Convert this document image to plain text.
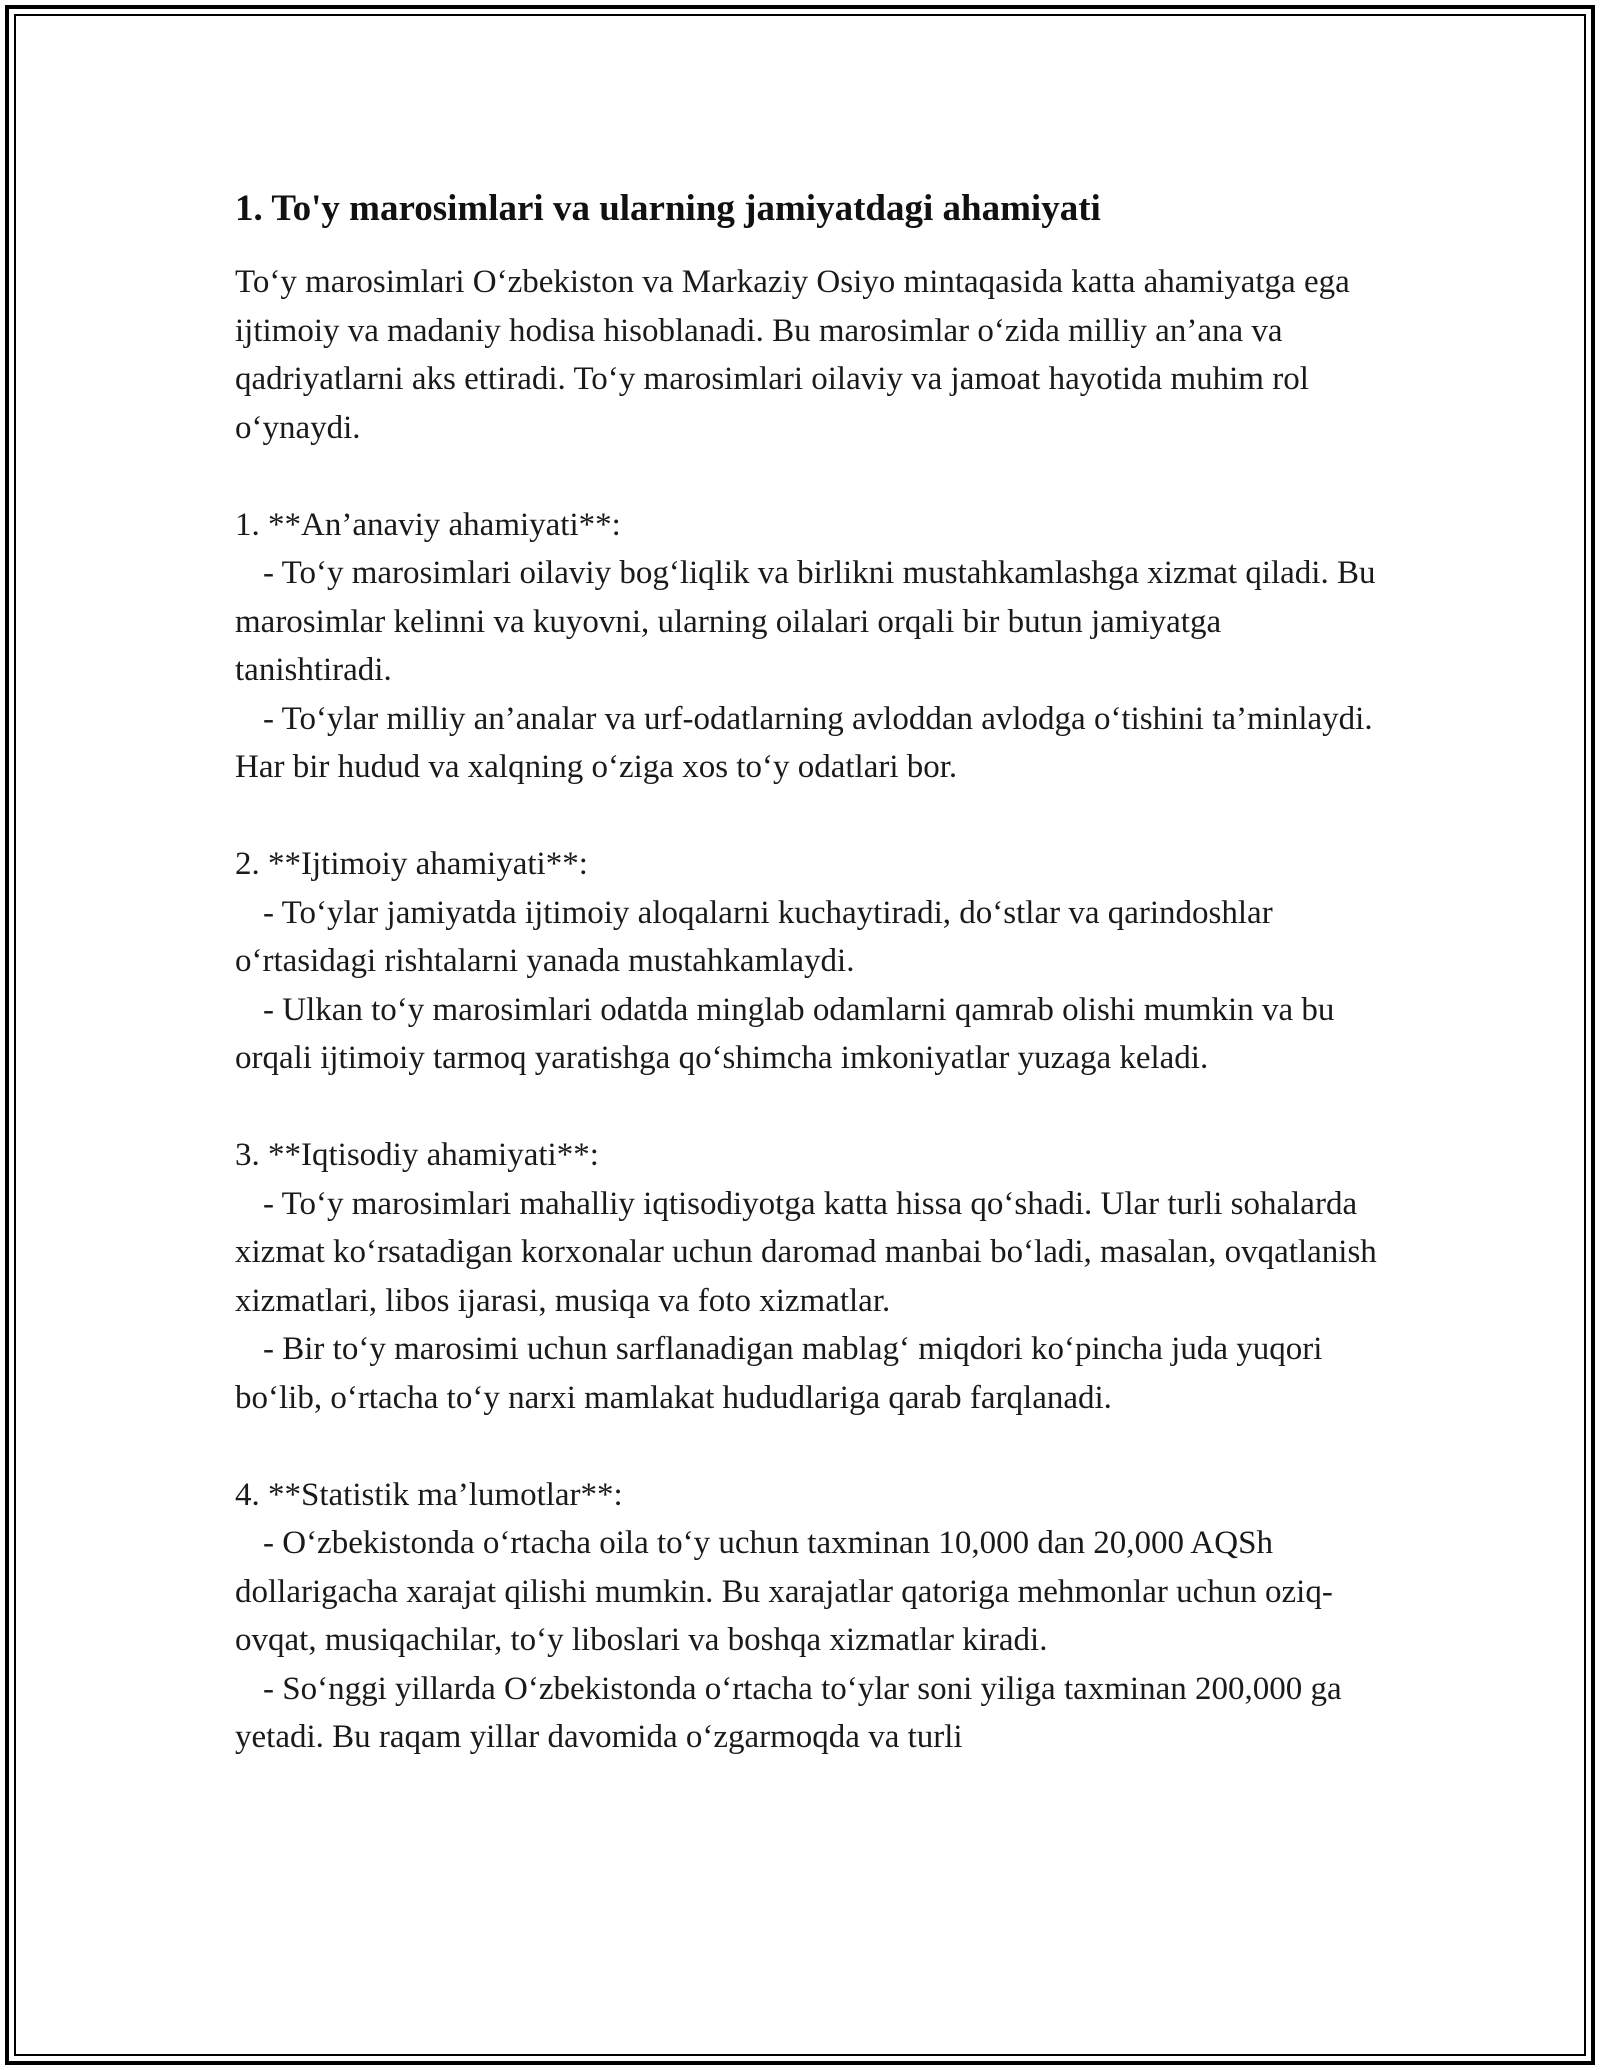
1. To'y marosimlari va ularning jamiyatdagi ahamiyati

To‘y marosimlari O‘zbekiston va Markaziy Osiyo mintaqasida katta ahamiyatga ega ijtimoiy va madaniy hodisa hisoblanadi. Bu marosimlar o‘zida milliy an’ana va qadriyatlarni aks ettiradi. To‘y marosimlari oilaviy va jamoat hayotida muhim rol o‘ynaydi.

1. **An’anaviy ahamiyati**:

- To‘y marosimlari oilaviy bog‘liqlik va birlikni mustahkamlashga xizmat qiladi. Bu marosimlar kelinni va kuyovni, ularning oilalari orqali bir butun jamiyatga tanishtiradi.

- To‘ylar milliy an’analar va urf-odatlarning avloddan avlodga o‘tishini ta’minlaydi. Har bir hudud va xalqning o‘ziga xos to‘y odatlari bor.

2. **Ijtimoiy ahamiyati**:

- To‘ylar jamiyatda ijtimoiy aloqalarni kuchaytiradi, do‘stlar va qarindoshlar o‘rtasidagi rishtalarni yanada mustahkamlaydi.

- Ulkan to‘y marosimlari odatda minglab odamlarni qamrab olishi mumkin va bu orqali ijtimoiy tarmoq yaratishga qo‘shimcha imkoniyatlar yuzaga keladi.

3. **Iqtisodiy ahamiyati**:

- To‘y marosimlari mahalliy iqtisodiyotga katta hissa qo‘shadi. Ular turli sohalarda xizmat ko‘rsatadigan korxonalar uchun daromad manbai bo‘ladi, masalan, ovqatlanish xizmatlari, libos ijarasi, musiqa va foto xizmatlar.

- Bir to‘y marosimi uchun sarflanadigan mablag‘ miqdori ko‘pincha juda yuqori bo‘lib, o‘rtacha to‘y narxi mamlakat hududlariga qarab farqlanadi.

4. **Statistik ma’lumotlar**:

- O‘zbekistonda o‘rtacha oila to‘y uchun taxminan 10,000 dan 20,000 AQSh dollarigacha xarajat qilishi mumkin. Bu xarajatlar qatoriga mehmonlar uchun oziq-ovqat, musiqachilar, to‘y liboslari va boshqa xizmatlar kiradi.

- So‘nggi yillarda O‘zbekistonda o‘rtacha to‘ylar soni yiliga taxminan 200,000 ga yetadi. Bu raqam yillar davomida o‘zgarmoqda va turli
